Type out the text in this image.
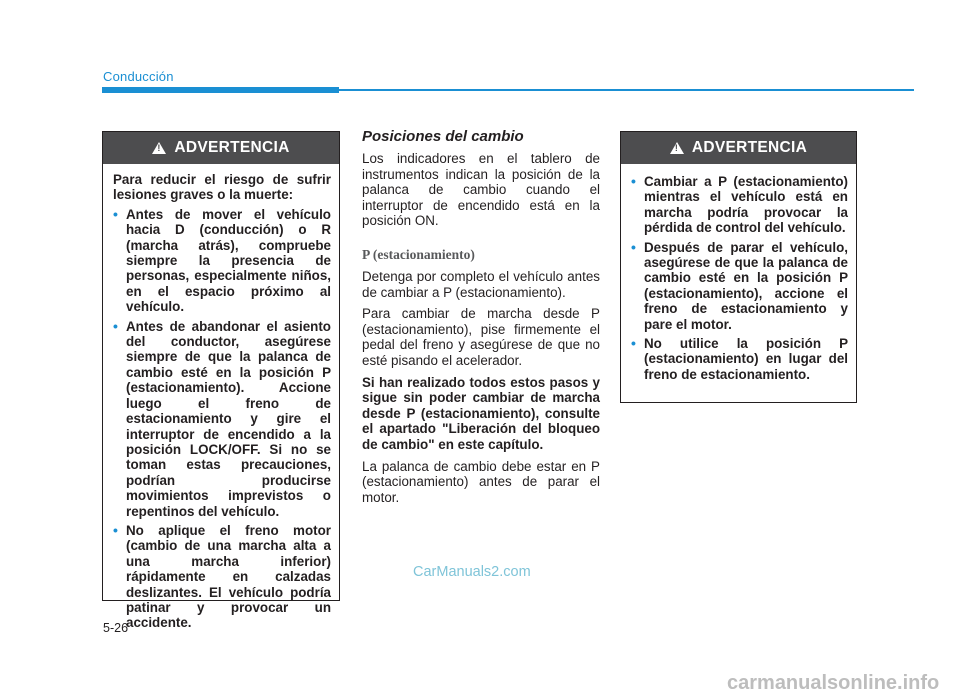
Conducción
!
ADVERTENCIA

Para reducir el riesgo de sufrir lesiones graves o la muerte:

• Antes de mover el vehículo hacia D (conducción) o R (marcha atrás), compruebe siempre la presencia de personas, especialmente niños, en el espacio próximo al vehículo.
• Antes de abandonar el asiento del conductor, asegúrese siempre de que la palanca de cambio esté en la posición P (estacionamiento). Accione luego el freno de estacionamiento y gire el interruptor de encendido a la posición LOCK/OFF. Si no se toman estas precauciones, podrían producirse movimientos imprevistos o repentinos del vehículo.
• No aplique el freno motor (cambio de una marcha alta a una marcha inferior) rápidamente en calzadas deslizantes. El vehículo podría patinar y provocar un accidente.
Posiciones del cambio

Los indicadores en el tablero de instrumentos indican la posición de la palanca de cambio cuando el interruptor de encendido está en la posición ON.

P (estacionamiento)

Detenga por completo el vehículo antes de cambiar a P (estacionamiento).

Para cambiar de marcha desde P (estacionamiento), pise firmemente el pedal del freno y asegúrese de que no esté pisando el acelerador.

Si han realizado todos estos pasos y sigue sin poder cambiar de marcha desde P (estacionamiento), consulte el apartado "Liberación del bloqueo de cambio" en este capítulo.

La palanca de cambio debe estar en P (estacionamiento) antes de parar el motor.

!
ADVERTENCIA
• Cambiar a P (estacionamiento) mientras el vehículo está en marcha podría provocar la pérdida de control del vehículo.
• Después de parar el vehículo, asegúrese de que la palanca de cambio esté en la posición P (estacionamiento), accione el freno de estacionamiento y pare el motor.
• No utilice la posición P (estacionamiento) en lugar del freno de estacionamiento.
CarManuals2.com
5-26
carmanualsonline.info
